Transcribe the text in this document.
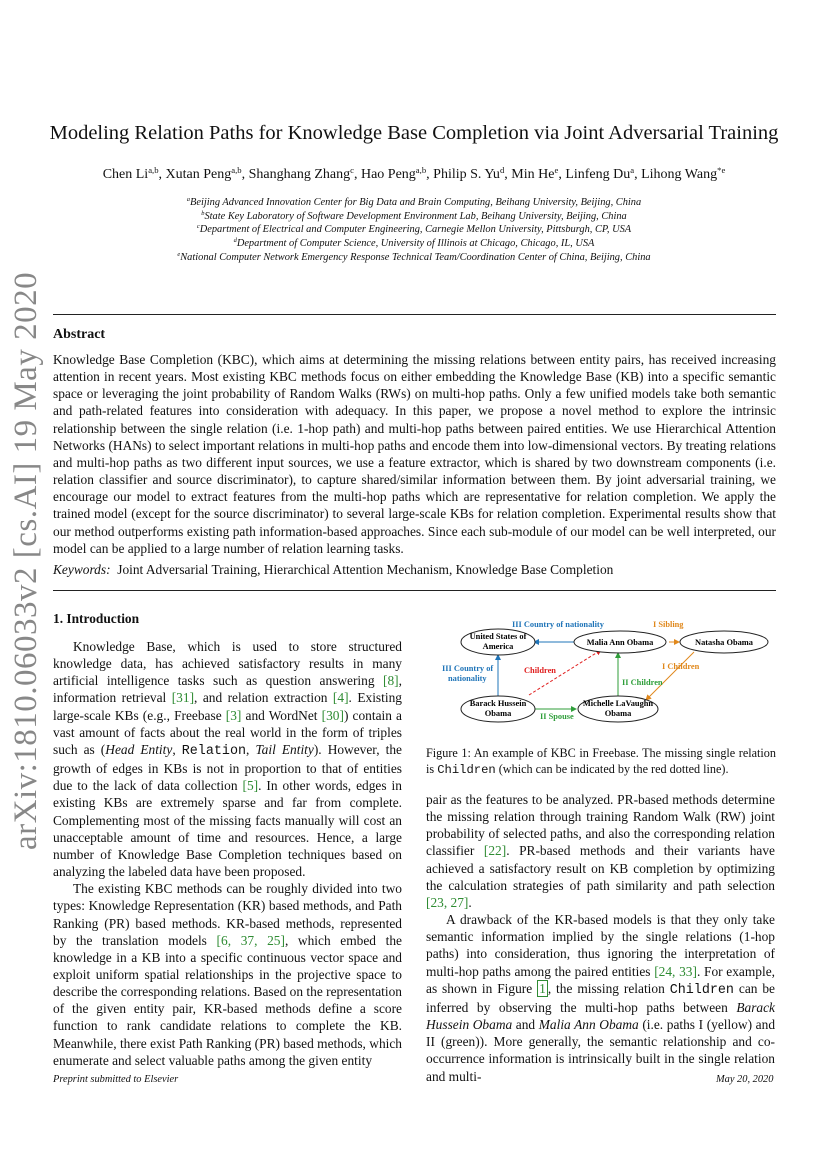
arXiv:1810.06033v2 [cs.AI] 19 May 2020
Modeling Relation Paths for Knowledge Base Completion via Joint Adversarial Training
Chen Li$^{a,b}$, Xutan Peng$^{a,b}$, Shanghang Zhang$^c$, Hao Peng$^{a,b}$, Philip S. Yu$^d$, Min He$^e$, Linfeng Du$^a$, Lihong Wang$^{*e}$
$^a$Beijing Advanced Innovation Center for Big Data and Brain Computing, Beihang University, Beijing, China
$^b$State Key Laboratory of Software Development Environment Lab, Beihang University, Beijing, China
$^c$Department of Electrical and Computer Engineering, Carnegie Mellon University, Pittsburgh, CP, USA
$^d$Department of Computer Science, University of Illinois at Chicago, Chicago, IL, USA
$^e$National Computer Network Emergency Response Technical Team/Coordination Center of China, Beijing, China
Abstract
Knowledge Base Completion (KBC), which aims at determining the missing relations between entity pairs, has received increasing attention in recent years. Most existing KBC methods focus on either embedding the Knowledge Base (KB) into a specific semantic space or leveraging the joint probability of Random Walks (RWs) on multi-hop paths. Only a few unified models take both semantic and path-related features into consideration with adequacy. In this paper, we propose a novel method to explore the intrinsic relationship between the single relation (i.e. 1-hop path) and multi-hop paths between paired entities. We use Hierarchical Attention Networks (HANs) to select important relations in multi-hop paths and encode them into low-dimensional vectors. By treating relations and multi-hop paths as two different input sources, we use a feature extractor, which is shared by two downstream components (i.e. relation classifier and source discriminator), to capture shared/similar information between them. By joint adversarial training, we encourage our model to extract features from the multi-hop paths which are representative for relation completion. We apply the trained model (except for the source discriminator) to several large-scale KBs for relation completion. Experimental results show that our method outperforms existing path information-based approaches. Since each sub-module of our model can be well interpreted, our model can be applied to a large number of relation learning tasks.
Keywords: Joint Adversarial Training, Hierarchical Attention Mechanism, Knowledge Base Completion
1. Introduction

Knowledge Base, which is used to store structured knowledge data, has achieved satisfactory results in many artificial intelligence tasks such as question answering [8], information retrieval [31], and relation extraction [4]. Existing large-scale KBs (e.g., Freebase [3] and WordNet [30]) contain a vast amount of facts about the real world in the form of triples such as (Head Entity, Relation, Tail Entity). However, the growth of edges in KBs is not in proportion to that of entities due to the lack of data collection [5]. In other words, edges in existing KBs are extremely sparse and far from complete. Complementing most of the missing facts manually will cost an unacceptable amount of time and resources. Hence, a large number of Knowledge Base Completion techniques based on analyzing the labeled data have been proposed.

The existing KBC methods can be roughly divided into two types: Knowledge Representation (KR) based methods, and Path Ranking (PR) based methods. KR-based methods, represented by the translation models [6, 37, 25], which embed the knowledge in a KB into a specific continuous vector space and exploit uniform spatial relationships in the projective space to describe the corresponding relations. Based on the representation of the given entity pair, KR-based methods define a score function to rank candidate relations to complete the KB. Meanwhile, there exist Path Ranking (PR) based methods, which enumerate and select valuable paths among the given entity

United States of
America	Malia Ann Obama	Natasha Obama
Barack Hussein
Obama
Michelle LaVaughn
Obama
III Country of nationality	I Sibling
III Country of
nationality
Children	I Children
II Children
II Spouse
Figure 1: An example of KBC in Freebase. The missing single relation is Children (which can be indicated by the red dotted line).

pair as the features to be analyzed. PR-based methods determine the missing relation through training Random Walk (RW) joint probability of selected paths, and also the corresponding relation classifier [22]. PR-based methods and their variants have achieved a satisfactory result on KB completion by optimizing the calculation strategies of path similarity and path selection [23, 27].

A drawback of the KR-based models is that they only take semantic information implied by the single relations (1-hop paths) into consideration, thus ignoring the interpretation of multi-hop paths among the paired entities [24, 33]. For example, as shown in Figure 1 , the missing relation Children can be inferred by observing the multi-hop paths between Barack Hussein Obama and Malia Ann Obama (i.e. paths I (yellow) and II (green)). More generally, the semantic relationship and co-occurrence information is intrinsically built in the single relation and multi-

Preprint submitted to Elsevier	May 20, 2020
